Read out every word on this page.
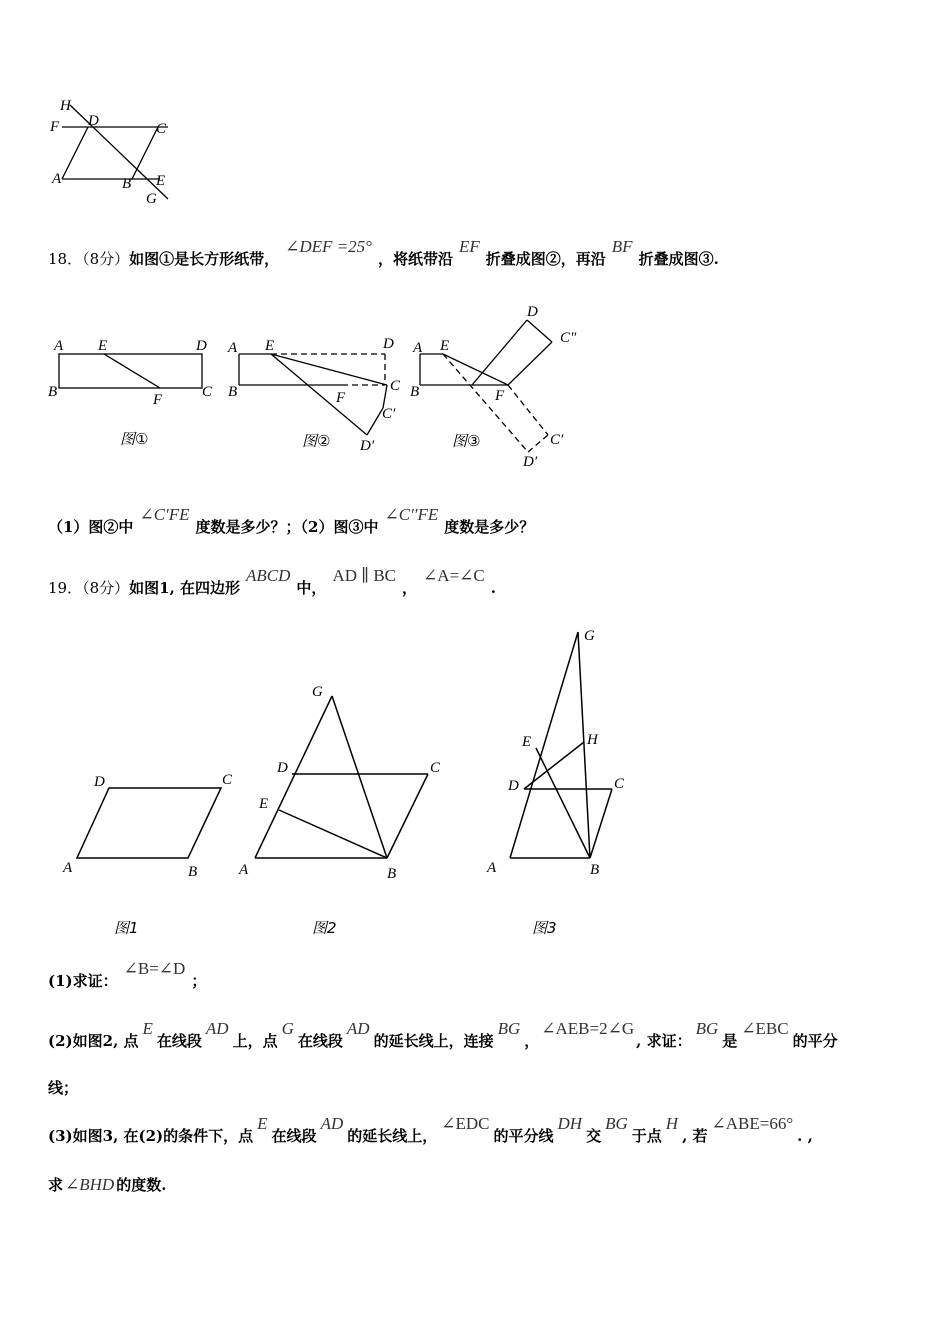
H
F D	C
A	B E
G
18．（8分）如图①是长方形纸带，∠DEF =25°，将纸带沿EF折叠成图②，再沿BF折叠成图③.
A E	D
B	F	C
图①
A E	D
B	F
C
C′
D′
图②
A E
D
C"
B	F
C′
D′
图③
（1）图②中∠C′FE度数是多少？；（2）图③中∠C′′FE度数是多少？
19．（8分）如图1, 在四边形ABCD中，AD ∥ BC，∠A=∠C.
D	C
A	B
图1
G
D	C
E
A	B
图2
G
E	H
D	C
A	B
图3
(1)求证：∠B=∠D；
(2)如图2, 点E在线段AD上，点G在线段AD的延长线上，连接BG，∠AEB=2∠G, 求证：BG是∠EBC的平分
线；
(3)如图3, 在(2)的条件下，点E在线段AD的延长线上，∠EDC的平分线DH交BG于点H, 若∠ABE=66°. ,
求 ∠BHD 的度数.
